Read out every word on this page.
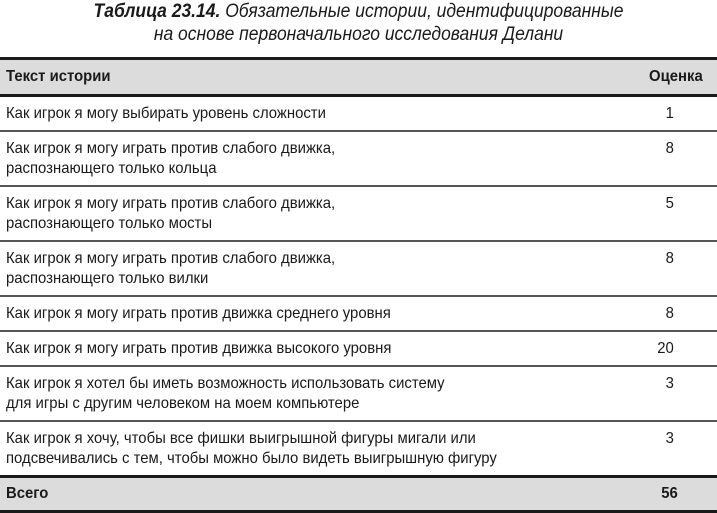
Таблица 23.14. Обязательные истории, идентифицированные
на основе первоначального исследования Делани
Текст истории	Оценка

Как игрок я могу выбирать уровень сложности	1

Как игрок я могу играть против слабого движка,
распознающего только кольца	8

Как игрок я могу играть против слабого движка,
распознающего только мосты	5

Как игрок я могу играть против слабого движка,
распознающего только вилки	8

Как игрок я могу играть против движка среднего уровня	8

Как игрок я могу играть против движка высокого уровня	20

Как игрок я хотел бы иметь возможность использовать систему
для игры с другим человеком на моем компьютере	3

Как игрок я хочу, чтобы все фишки выигрышной фигуры мигали или
подсвечивались с тем, чтобы можно было видеть выигрышную фигуру	3

Всего	56
